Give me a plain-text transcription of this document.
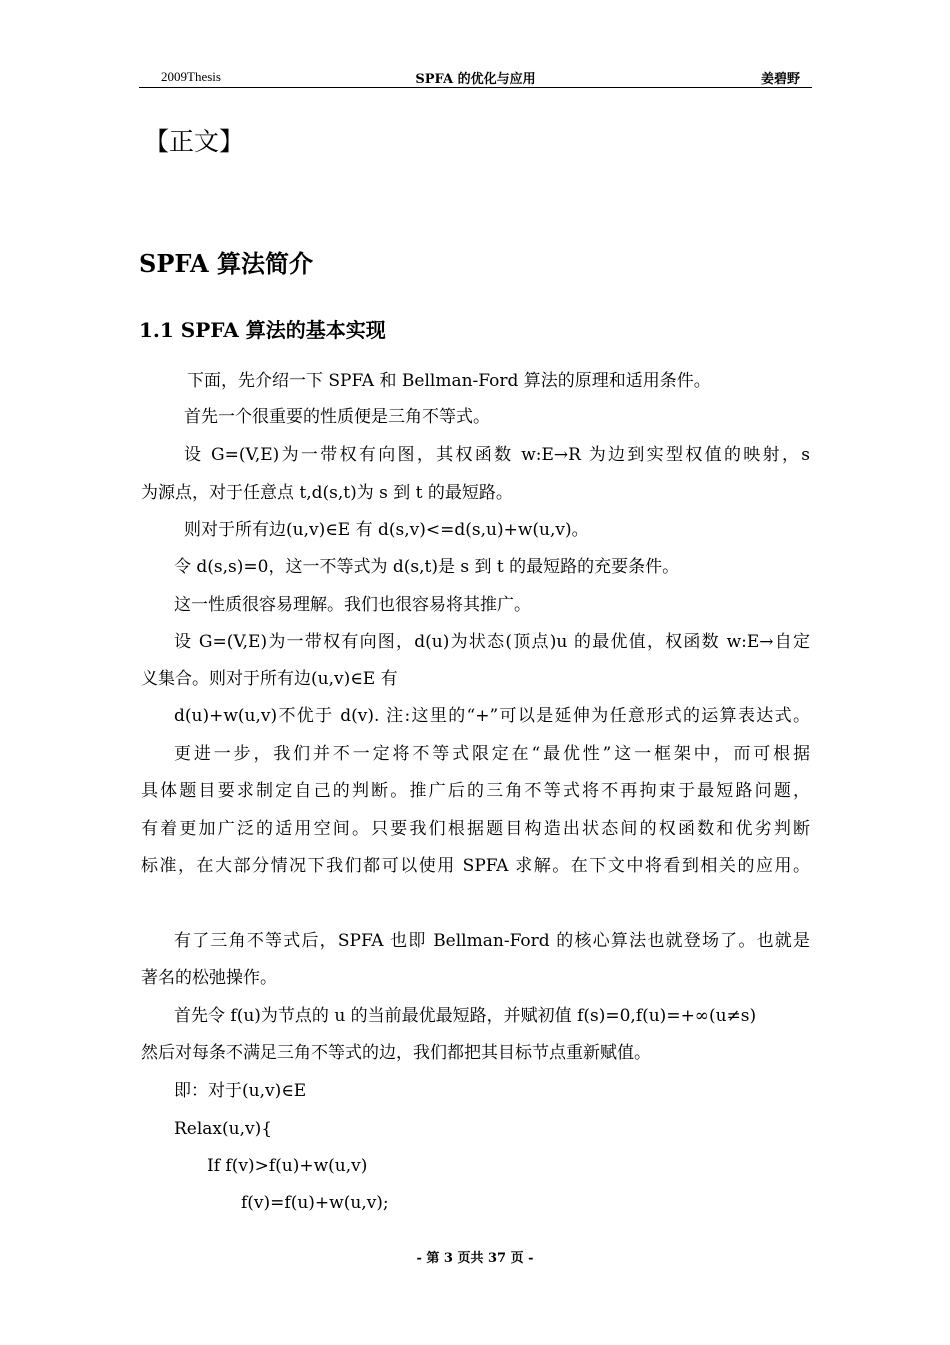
2009Thesis	SPFA 的优化与应用	姜碧野
【正文】
SPFA 算法简介
1.1 SPFA 算法的基本实现
下面，先介绍一下 SPFA 和 Bellman-Ford 算法的原理和适用条件。
首先一个很重要的性质便是三角不等式。
设 G=(V,E)为一带权有向图，其权函数 w:E→R 为边到实型权值的映射，s
为源点，对于任意点 t,d(s,t)为 s 到 t 的最短路。
则对于所有边(u,v)∈E 有 d(s,v)<=d(s,u)+w(u,v)。
令 d(s,s)=0，这一不等式为 d(s,t)是 s 到 t 的最短路的充要条件。
这一性质很容易理解。我们也很容易将其推广。
设 G=(V,E)为一带权有向图，d(u)为状态(顶点)u 的最优值，权函数 w:E→自定
义集合。则对于所有边(u,v)∈E 有
d(u)+w(u,v)不优于 d(v). 注:这里的“+”可以是延伸为任意形式的运算表达式。
更进一步，我们并不一定将不等式限定在“最优性”这一框架中，而可根据
具体题目要求制定自己的判断。推广后的三角不等式将不再拘束于最短路问题，
有着更加广泛的适用空间。只要我们根据题目构造出状态间的权函数和优劣判断
标准，在大部分情况下我们都可以使用 SPFA 求解。在下文中将看到相关的应用。
有了三角不等式后，SPFA 也即 Bellman-Ford 的核心算法也就登场了。也就是
著名的松弛操作。
首先令 f(u)为节点的 u 的当前最优最短路，并赋初值 f(s)=0,f(u)=+∞(u≠s)
然后对每条不满足三角不等式的边，我们都把其目标节点重新赋值。
即：对于(u,v)∈E
Relax(u,v){
If f(v)>f(u)+w(u,v)
f(v)=f(u)+w(u,v);
- 第 3 页共 37 页 -
